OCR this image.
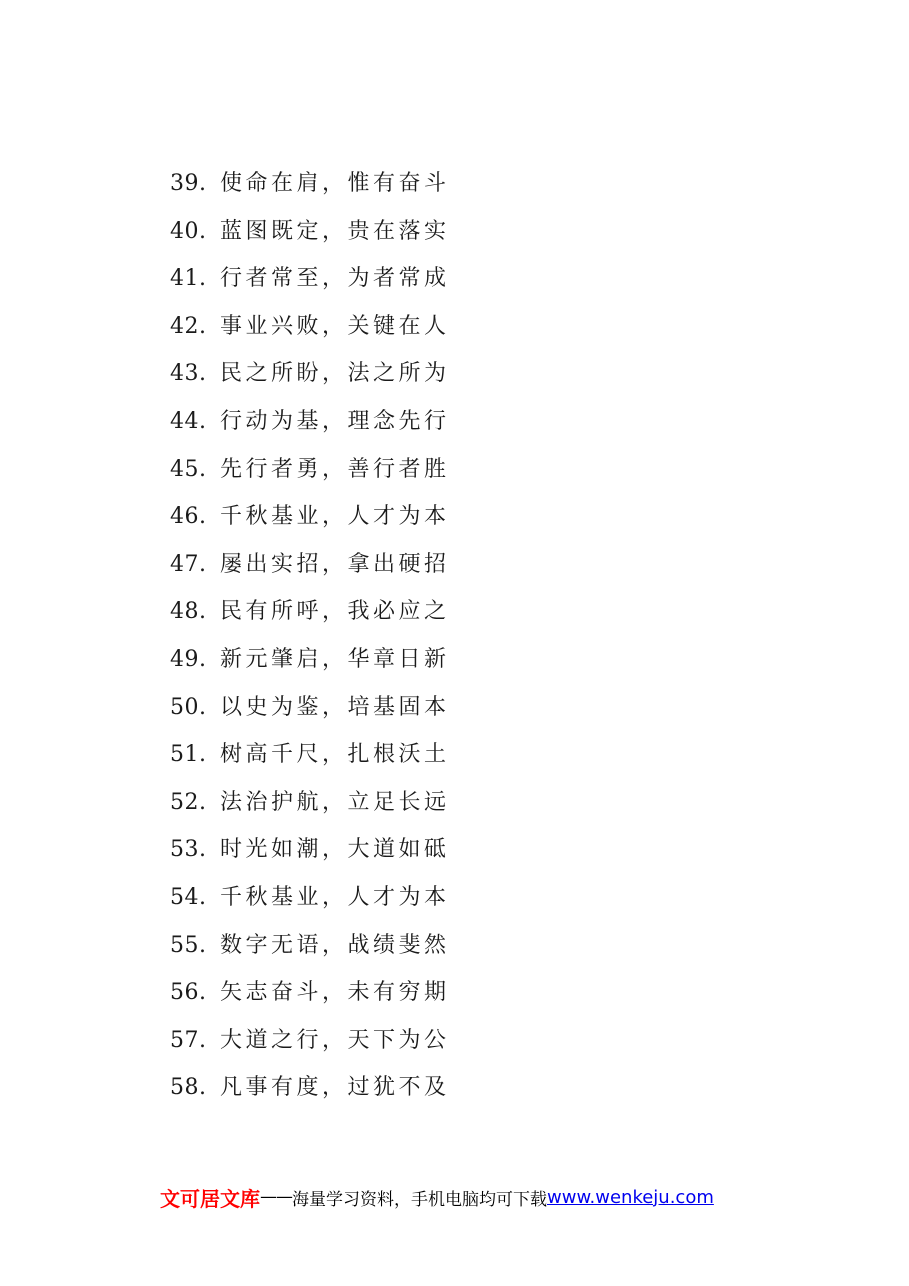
39. 使命在肩，惟有奋斗
40. 蓝图既定，贵在落实
41. 行者常至，为者常成
42. 事业兴败，关键在人
43. 民之所盼，法之所为
44. 行动为基，理念先行
45. 先行者勇，善行者胜
46. 千秋基业，人才为本
47. 屡出实招，拿出硬招
48. 民有所呼，我必应之
49. 新元肇启，华章日新
50. 以史为鉴，培基固本
51. 树高千尺，扎根沃土
52. 法治护航，立足长远
53. 时光如潮，大道如砥
54. 千秋基业，人才为本
55. 数字无语，战绩斐然
56. 矢志奋斗，未有穷期
57. 大道之行，天下为公
58. 凡事有度，过犹不及
文可居文库 —— 海量学习资料，手机电脑均可下载 www.wenkeju.com
